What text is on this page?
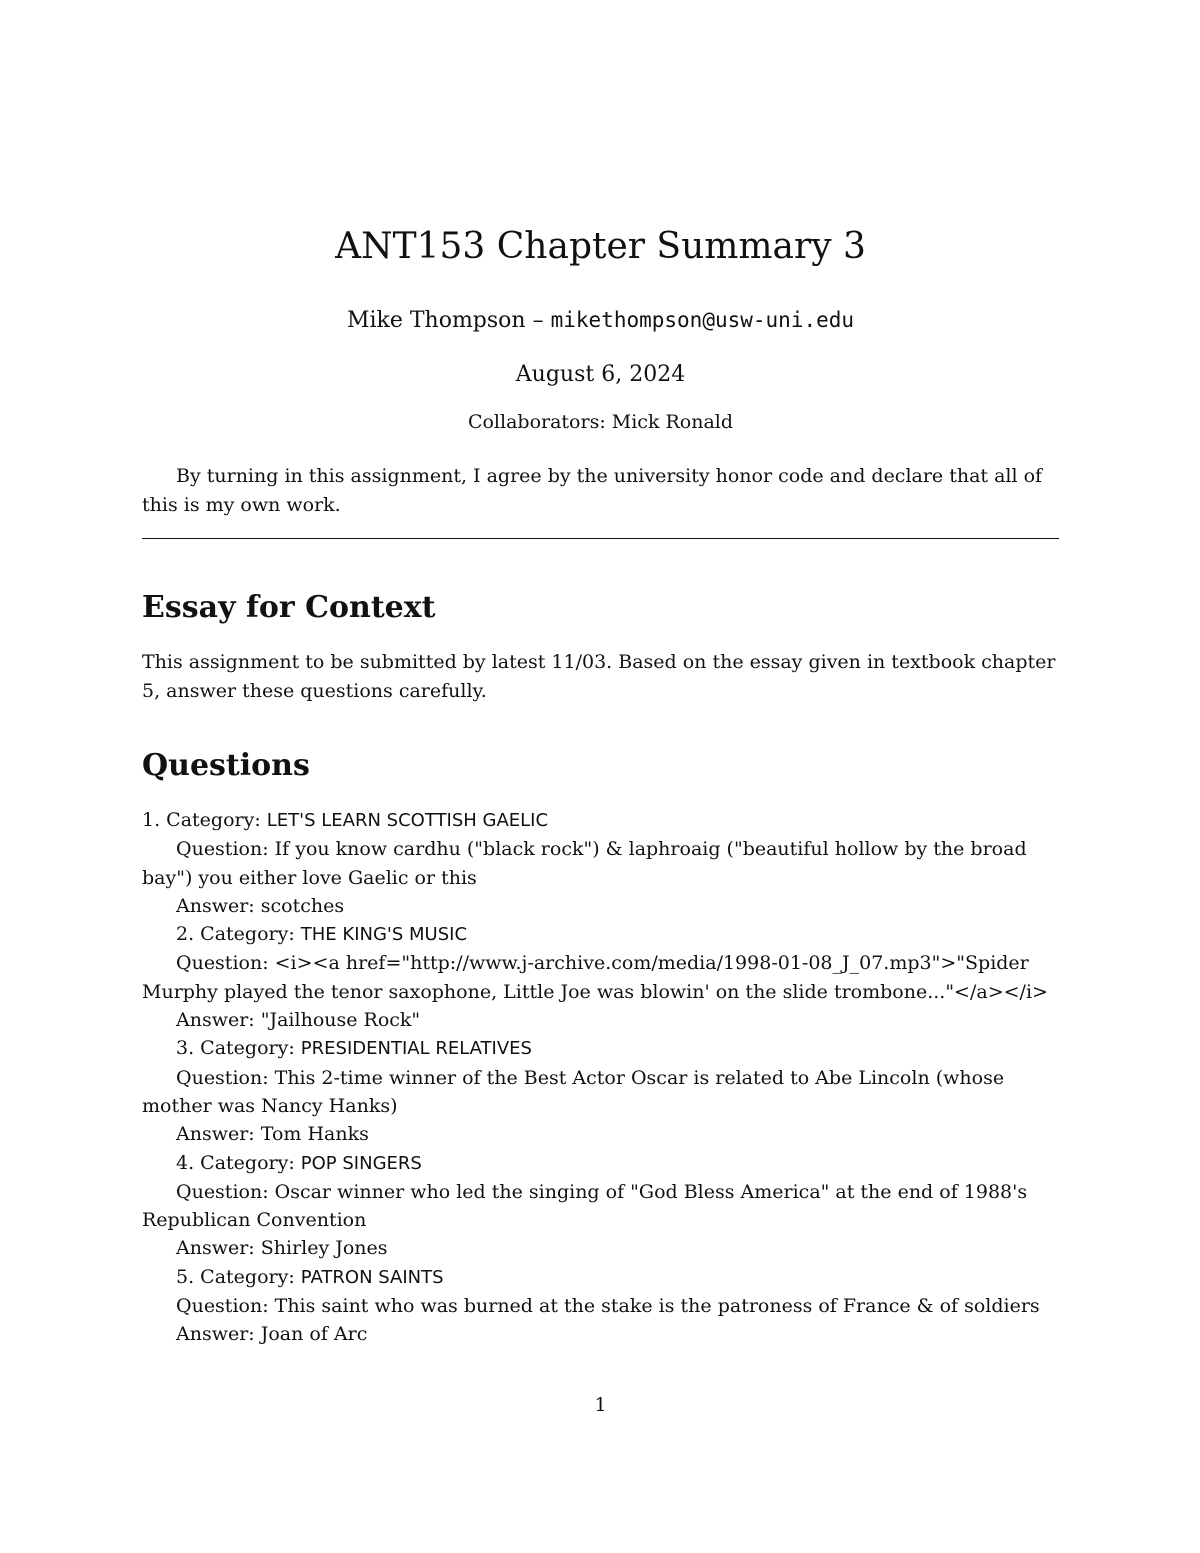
ANT153 Chapter Summary 3
Mike Thompson – mikethompson@usw-uni.edu
August 6, 2024
Collaborators: Mick Ronald

By turning in this assignment, I agree by the university honor code and declare that all of this is my own work.

Essay for Context

This assignment to be submitted by latest 11/03. Based on the essay given in textbook chapter 5, answer these questions carefully.

Questions

1. Category: LET'S LEARN SCOTTISH GAELIC

Question: If you know cardhu ("black rock") & laphroaig ("beautiful hollow by the broad bay") you either love Gaelic or this

Answer: scotches

2. Category: THE KING'S MUSIC

Question: <i><a href="http://www.j-archive.com/media/1998-01-08_J_07.mp3">"Spider Murphy played the tenor saxophone, Little Joe was blowin' on the slide trombone..."</a></i>

Answer: "Jailhouse Rock"

3. Category: PRESIDENTIAL RELATIVES

Question: This 2-time winner of the Best Actor Oscar is related to Abe Lincoln (whose mother was Nancy Hanks)

Answer: Tom Hanks

4. Category: POP SINGERS

Question: Oscar winner who led the singing of "God Bless America" at the end of 1988's Republican Convention

Answer: Shirley Jones

5. Category: PATRON SAINTS

Question: This saint who was burned at the stake is the patroness of France & of soldiers

Answer: Joan of Arc

1
